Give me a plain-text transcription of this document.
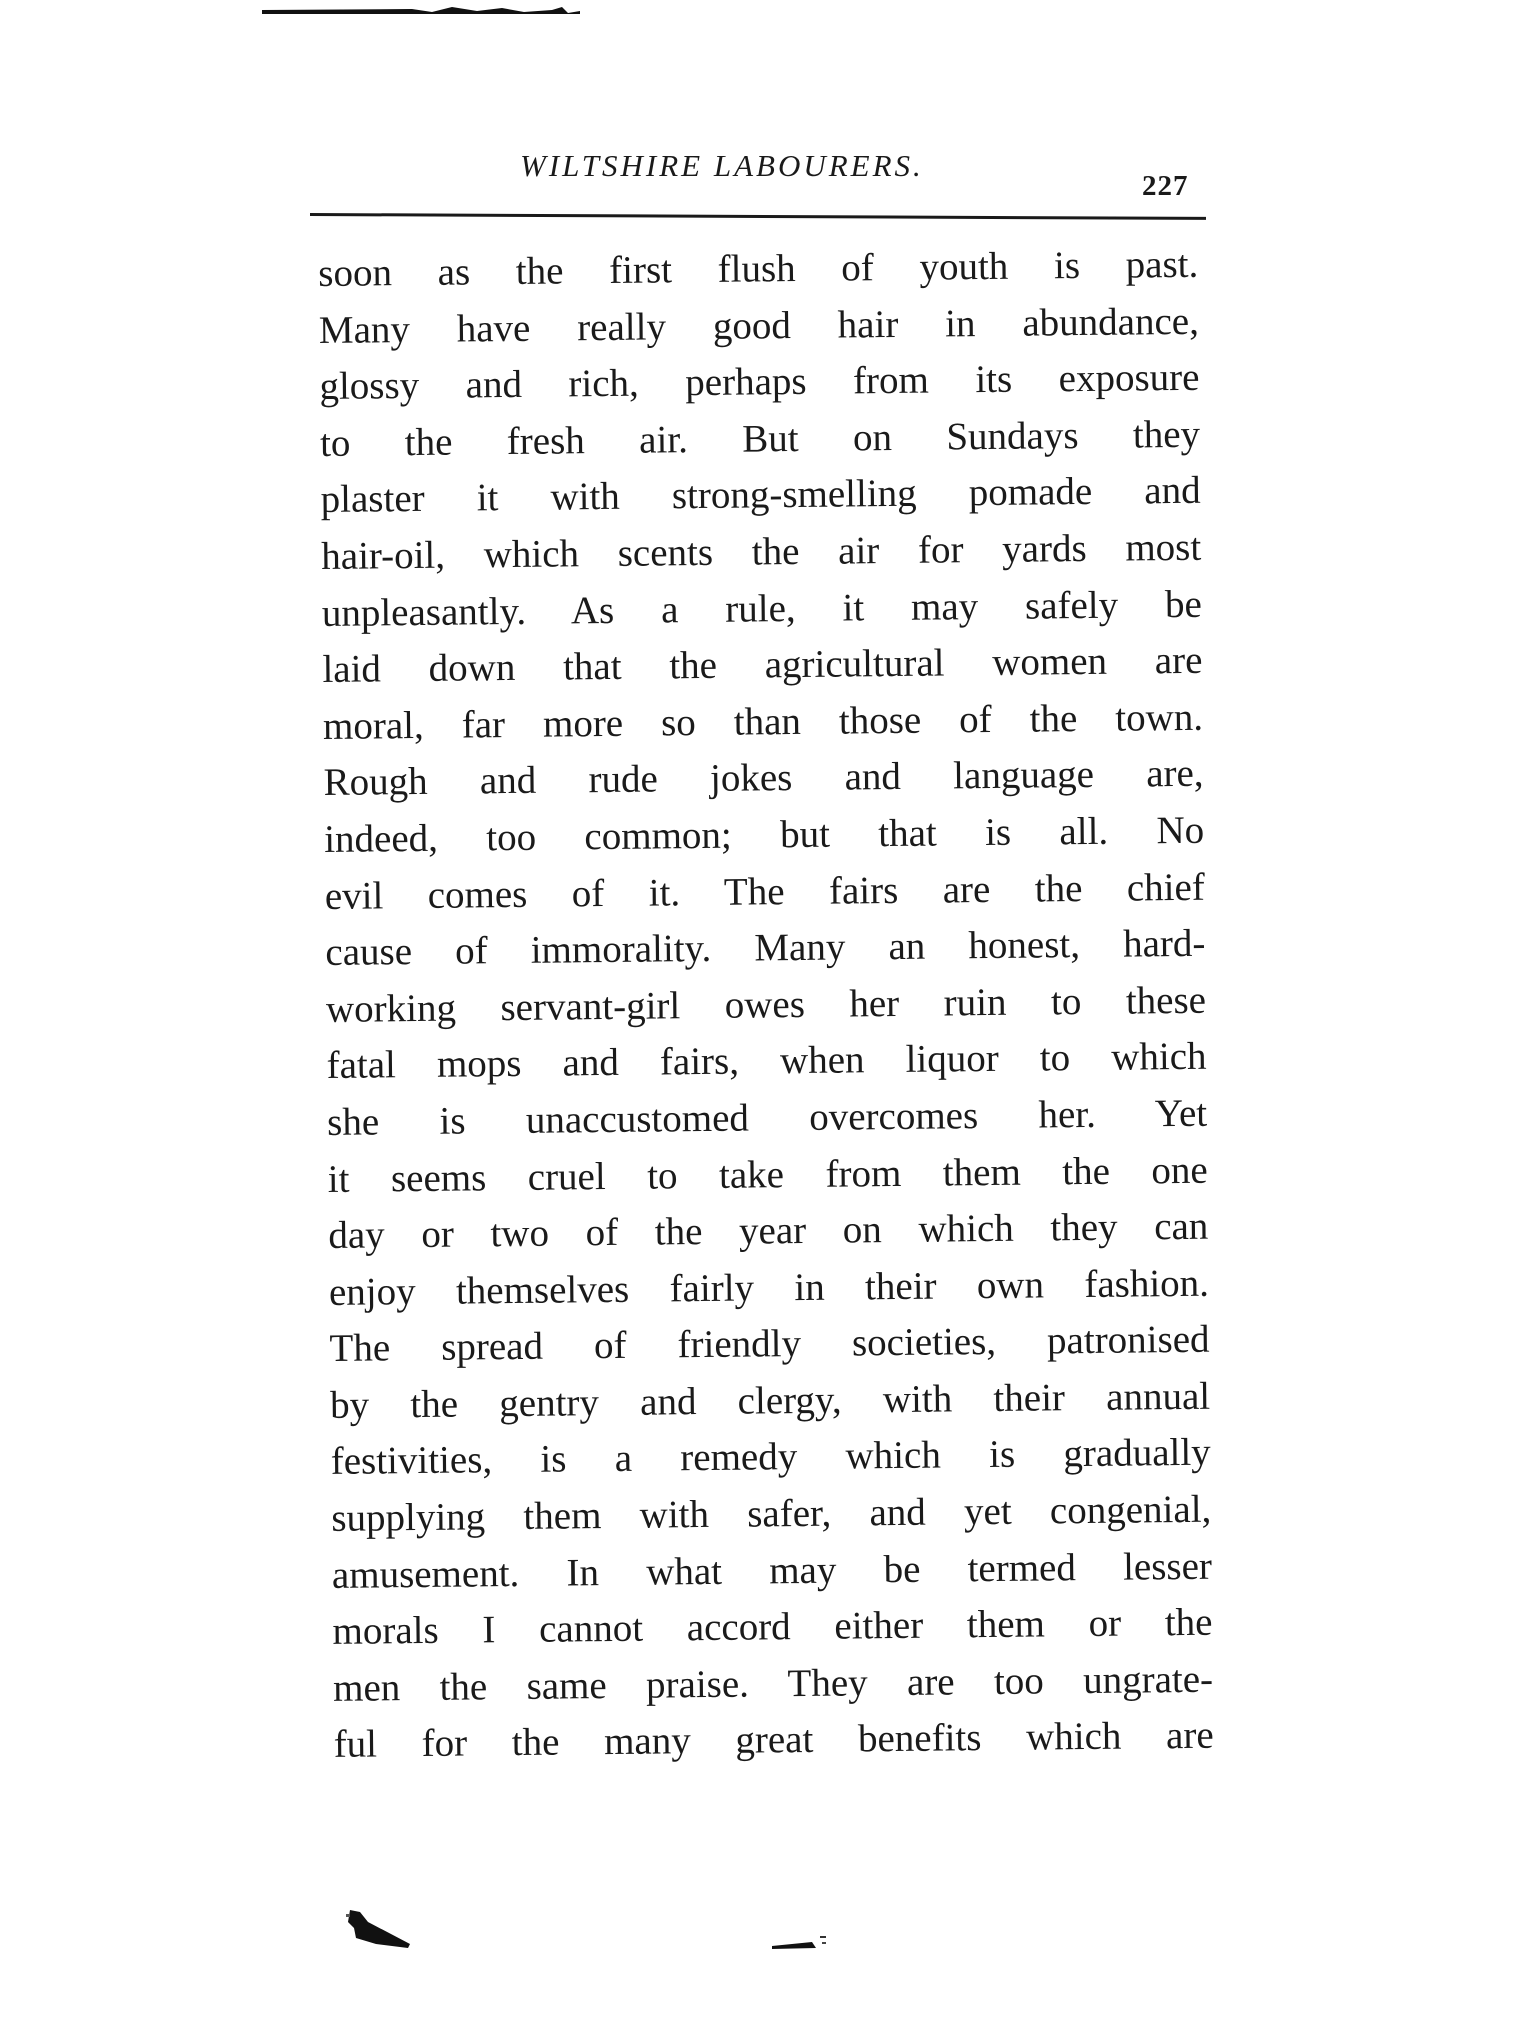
WILTSHIRE LABOURERS.
227
soon as the first flush of youth is past.
Many have really good hair in abundance,
glossy and rich, perhaps from its exposure
to the fresh air. But on Sundays they
plaster it with strong-smelling pomade and
hair-oil, which scents the air for yards most
unpleasantly. As a rule, it may safely be
laid down that the agricultural women are
moral, far more so than those of the town.
Rough and rude jokes and language are,
indeed, too common; but that is all. No
evil comes of it. The fairs are the chief
cause of immorality. Many an honest, hard-
working servant-girl owes her ruin to these
fatal mops and fairs, when liquor to which
she is unaccustomed overcomes her. Yet
it seems cruel to take from them the one
day or two of the year on which they can
enjoy themselves fairly in their own fashion.
The spread of friendly societies, patronised
by the gentry and clergy, with their annual
festivities, is a remedy which is gradually
supplying them with safer, and yet congenial,
amusement. In what may be termed lesser
morals I cannot accord either them or the
men the same praise. They are too ungrate-
ful for the many great benefits which are
